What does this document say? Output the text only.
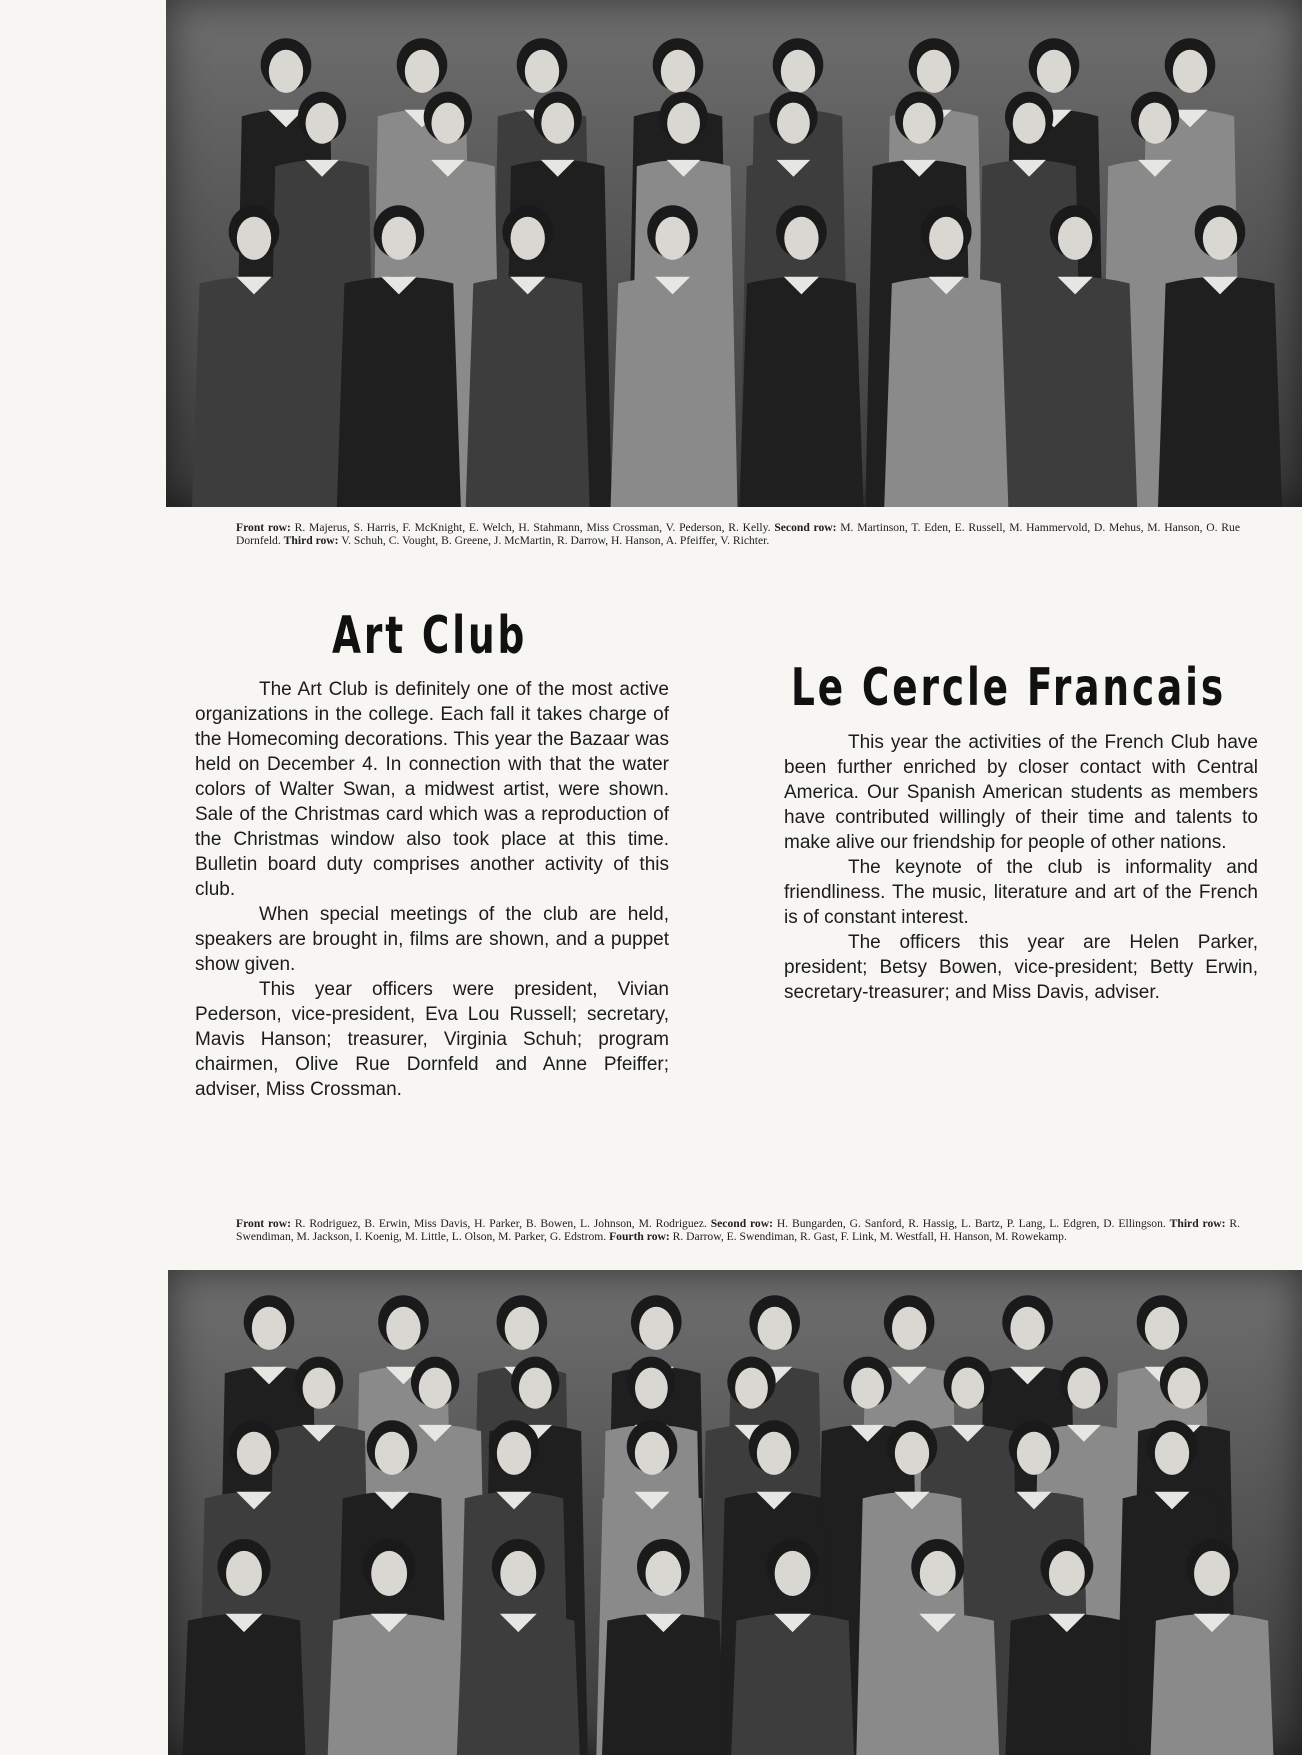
Front row: R. Majerus, S. Harris, F. McKnight, E. Welch, H. Stahmann, Miss Crossman, V. Pederson, R. Kelly. Second row: M. Martinson, T. Eden, E. Russell, M. Hammervold, D. Mehus, M. Hanson, O. Rue Dornfeld. Third row: V. Schuh, C. Vought, B. Greene, J. McMartin, R. Darrow, H. Hanson, A. Pfeiffer, V. Richter.

Art Club

The Art Club is definitely one of the most active organizations in the college. Each fall it takes charge of the Homecoming decorations. This year the Bazaar was held on December 4. In connection with that the water colors of Walter Swan, a midwest artist, were shown. Sale of the Christmas card which was a reproduction of the Christmas window also took place at this time. Bulletin board duty comprises another activity of this club.

When special meetings of the club are held, speakers are brought in, films are shown, and a puppet show given.

This year officers were president, Vivian Pederson, vice-president, Eva Lou Russell; secretary, Mavis Hanson; treasurer, Virginia Schuh; program chairmen, Olive Rue Dornfeld and Anne Pfeiffer; adviser, Miss Crossman.

Le Cercle Francais

This year the activities of the French Club have been further enriched by closer contact with Central America. Our Spanish American students as members have contributed willingly of their time and talents to make alive our friendship for people of other nations.

The keynote of the club is informality and friendliness. The music, literature and art of the French is of constant interest.

The officers this year are Helen Parker, president; Betsy Bowen, vice-president; Betty Erwin, secretary-treasurer; and Miss Davis, adviser.

Front row: R. Rodriguez, B. Erwin, Miss Davis, H. Parker, B. Bowen, L. Johnson, M. Rodriguez. Second row: H. Bungarden, G. Sanford, R. Hassig, L. Bartz, P. Lang, L. Edgren, D. Ellingson. Third row: R. Swendiman, M. Jackson, I. Koenig, M. Little, L. Olson, M. Parker, G. Edstrom. Fourth row: R. Darrow, E. Swendiman, R. Gast, F. Link, M. Westfall, H. Hanson, M. Rowekamp.
